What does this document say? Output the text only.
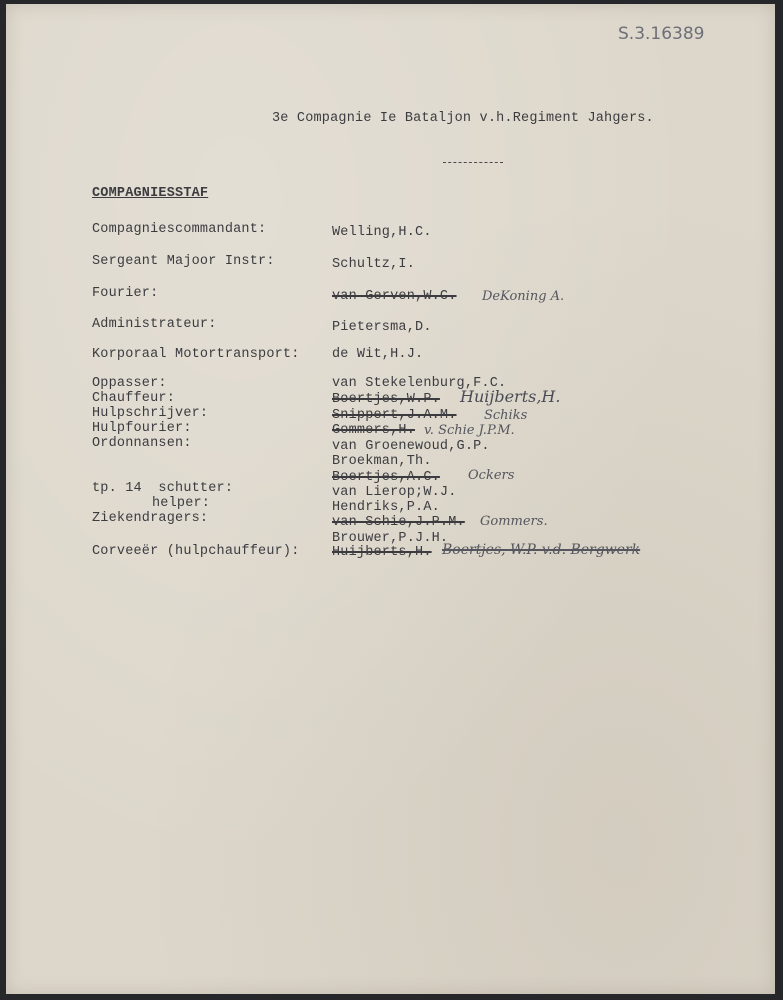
S.3.16389
3e Compagnie Ie Bataljon v.h.Regiment Jahgers.
COMPAGNIESSTAF
Compagniescommandant:	Welling,H.C.
Sergeant Majoor Instr:	Schultz,I.
Fourier:	van Gerven,W.C. DeKoning A.
Administrateur:	Pietersma,D.
Korporaal Motortransport: de Wit,H.J.
Oppasser:	van Stekelenburg,F.C.
Chauffeur:	Boertjes,W.P. Huijberts,H.
Hulpschrijver:	Snippert,J.A.M. Schiks
Hulpfourier:	Gommers,H. v. Schie J.P.M.
Ordonnansen:	van Groenewoud,G.P.
Broekman,Th.
Boertjes,A.C. Ockers
tp. 14  schutter:	van Lierop;W.J.
helper:	Hendriks,P.A.
Ziekendragers:	van Schie,J.P.M. Gommers.
Brouwer,P.J.H.
Corveeër (hulpchauffeur): Huijberts,H. Boertjes, W.P. v.d. Bergwerk
